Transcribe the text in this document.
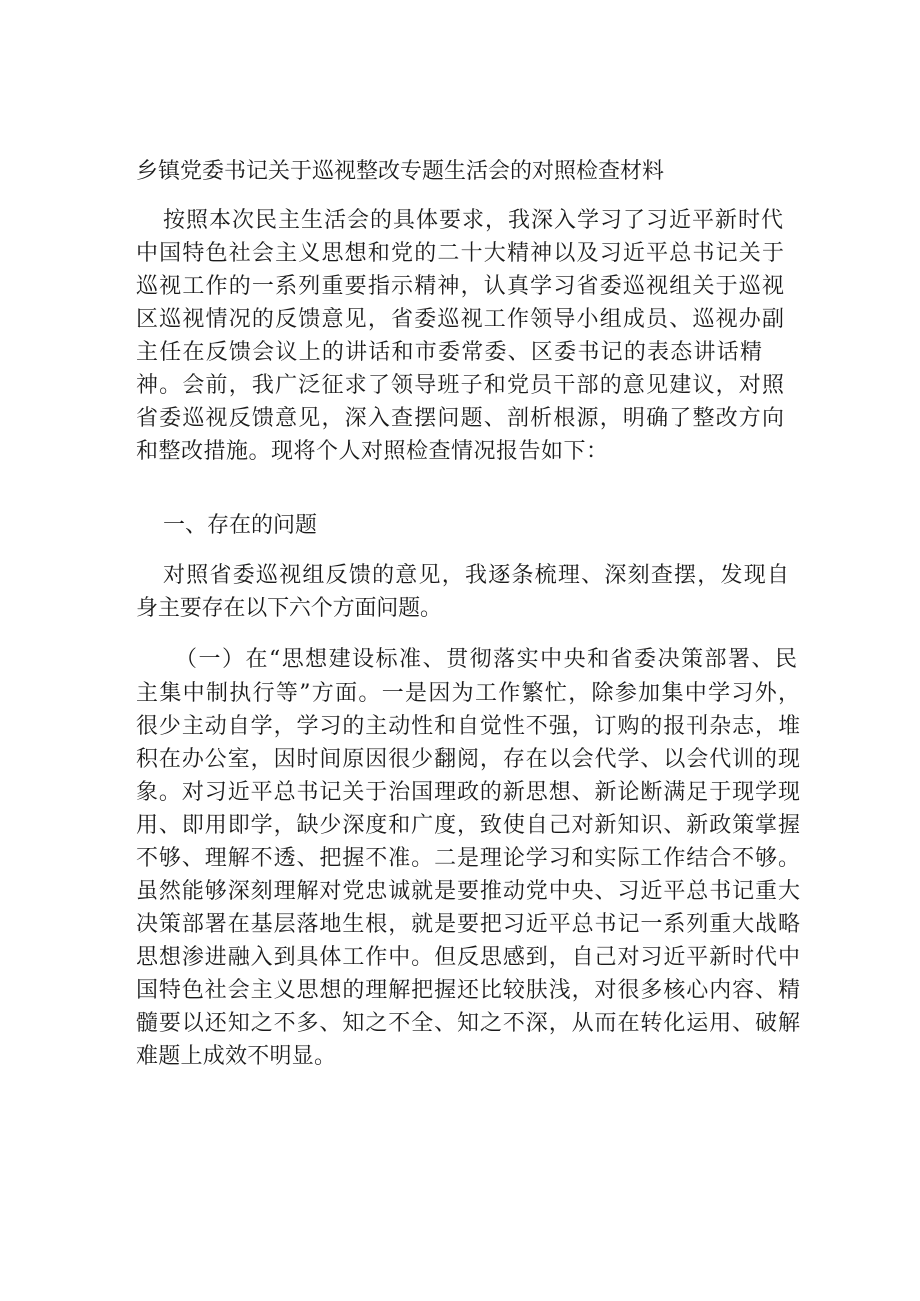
乡镇党委书记关于巡视整改专题生活会的对照检查材料
按照本次民主生活会的具体要求，我深入学习了习近平新时代
中国特色社会主义思想和党的二十大精神以及习近平总书记关于
巡视工作的一系列重要指示精神，认真学习省委巡视组关于巡视
区巡视情况的反馈意见，省委巡视工作领导小组成员、巡视办副
主任在反馈会议上的讲话和市委常委、区委书记的表态讲话精
神。会前，我广泛征求了领导班子和党员干部的意见建议，对照
省委巡视反馈意见，深入查摆问题、剖析根源，明确了整改方向
和整改措施。现将个人对照检查情况报告如下：
一、存在的问题
对照省委巡视组反馈的意见，我逐条梳理、深刻查摆，发现自
身主要存在以下六个方面问题。
（一）在“思想建设标准、贯彻落实中央和省委决策部署、民
主集中制执行等”方面。一是因为工作繁忙，除参加集中学习外，
很少主动自学，学习的主动性和自觉性不强，订购的报刊杂志，堆
积在办公室，因时间原因很少翻阅，存在以会代学、以会代训的现
象。对习近平总书记关于治国理政的新思想、新论断满足于现学现
用、即用即学，缺少深度和广度，致使自己对新知识、新政策掌握
不够、理解不透、把握不准。二是理论学习和实际工作结合不够。
虽然能够深刻理解对党忠诚就是要推动党中央、习近平总书记重大
决策部署在基层落地生根，就是要把习近平总书记一系列重大战略
思想渗进融入到具体工作中。但反思感到，自己对习近平新时代中
国特色社会主义思想的理解把握还比较肤浅，对很多核心内容、精
髓要以还知之不多、知之不全、知之不深，从而在转化运用、破解
难题上成效不明显。
